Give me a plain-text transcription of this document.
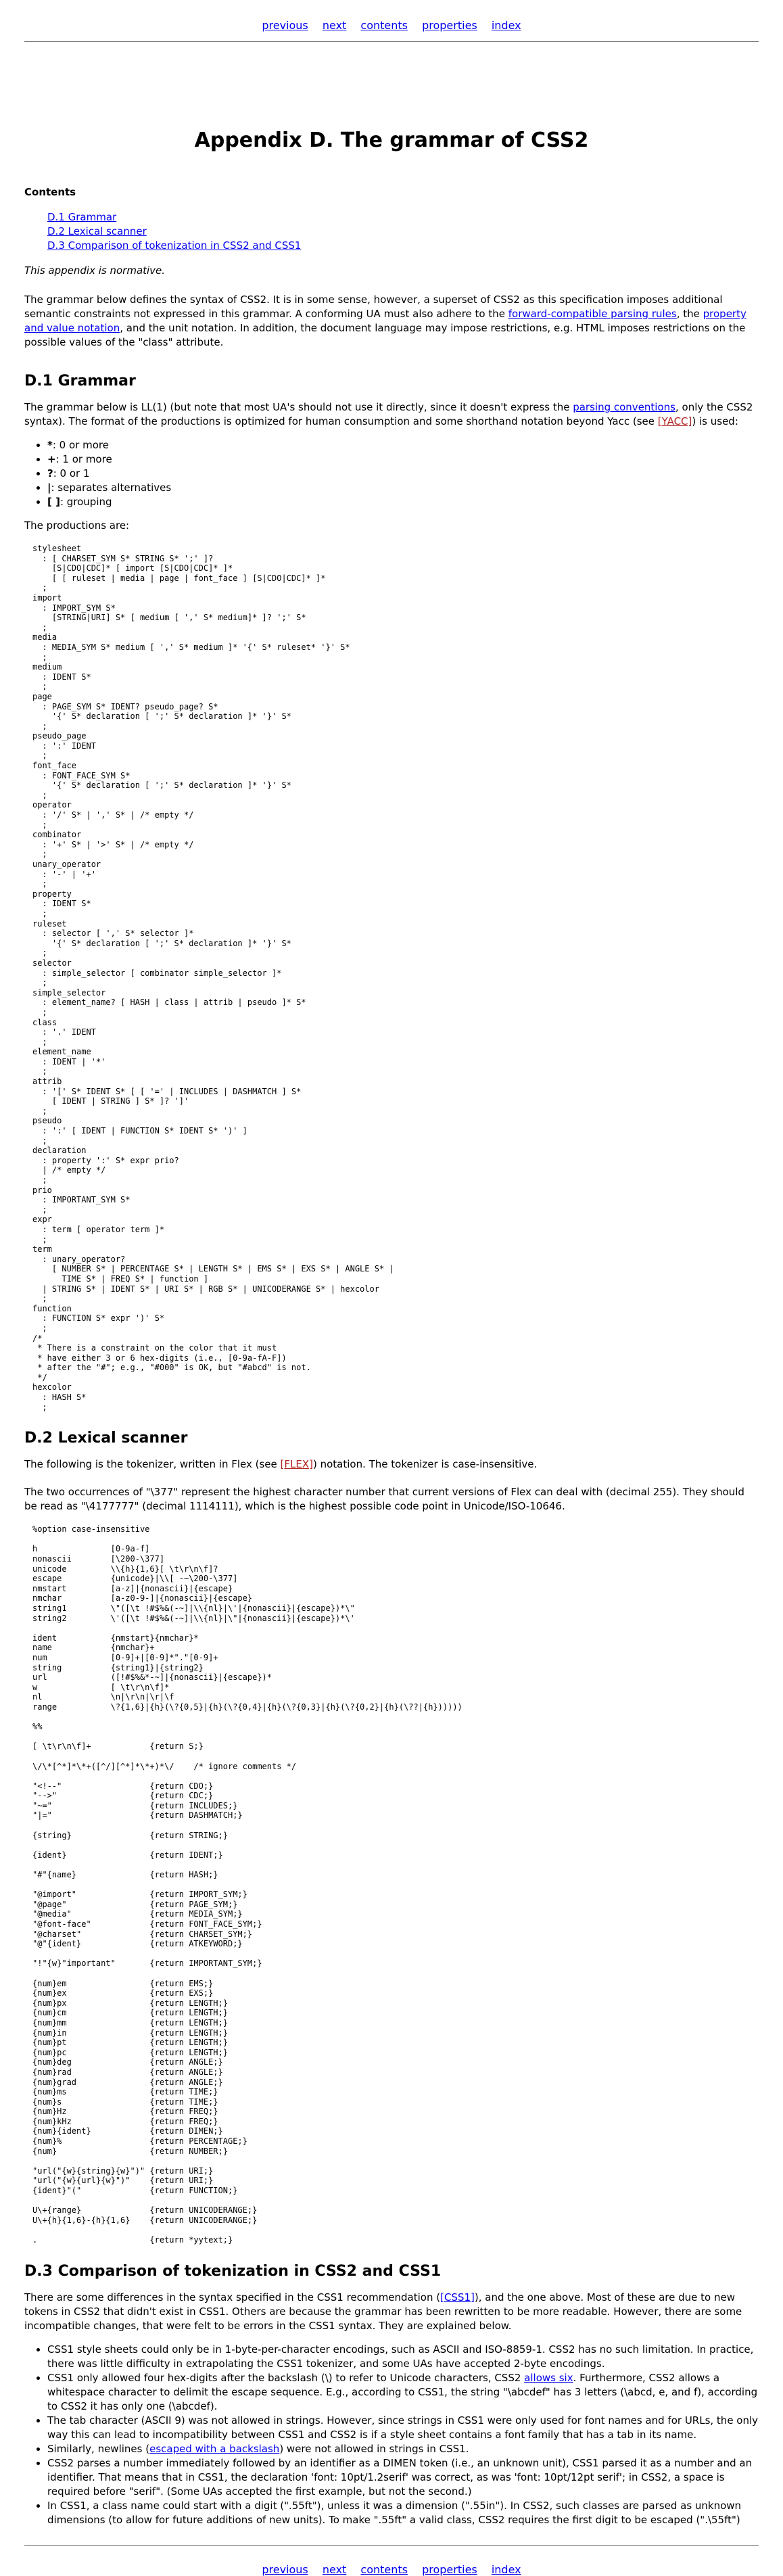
previous next contents properties index
Appendix D. The grammar of CSS2
Contents
D.1 Grammar
D.2 Lexical scanner
D.3 Comparison of tokenization in CSS2 and CSS1

This appendix is normative.

The grammar below defines the syntax of CSS2. It is in some sense, however, a superset of CSS2 as this specification imposes additional semantic constraints not expressed in this grammar. A conforming UA must also adhere to the forward-compatible parsing rules, the property and value notation, and the unit notation. In addition, the document language may impose restrictions, e.g. HTML imposes restrictions on the possible values of the "class" attribute.

D.1 Grammar

The grammar below is LL(1) (but note that most UA's should not use it directly, since it doesn't express the parsing conventions, only the CSS2 syntax). The format of the productions is optimized for human consumption and some shorthand notation beyond Yacc (see [YACC]) is used:

• *: 0 or more
• +: 1 or more
• ?: 0 or 1
• |: separates alternatives
• [ ]: grouping

The productions are:

stylesheet
: [ CHARSET_SYM S* STRING S* ';' ]?
[S|CDO|CDC]* [ import [S|CDO|CDC]* ]*
[ [ ruleset | media | page | font_face ] [S|CDO|CDC]* ]*
;
import
: IMPORT_SYM S*
[STRING|URI] S* [ medium [ ',' S* medium]* ]? ';' S*
;
media
: MEDIA_SYM S* medium [ ',' S* medium ]* '{' S* ruleset* '}' S*
;
medium
: IDENT S*
;
page
: PAGE_SYM S* IDENT? pseudo_page? S*
'{' S* declaration [ ';' S* declaration ]* '}' S*
;
pseudo_page
: ':' IDENT
;
font_face
: FONT_FACE_SYM S*
'{' S* declaration [ ';' S* declaration ]* '}' S*
;
operator
: '/' S* | ',' S* | /* empty */
;
combinator
: '+' S* | '>' S* | /* empty */
;
unary_operator
: '-' | '+'
;
property
: IDENT S*
;
ruleset
: selector [ ',' S* selector ]*
'{' S* declaration [ ';' S* declaration ]* '}' S*
;
selector
: simple_selector [ combinator simple_selector ]*
;
simple_selector
: element_name? [ HASH | class | attrib | pseudo ]* S*
;
class
: '.' IDENT
;
element_name
: IDENT | '*'
;
attrib
: '[' S* IDENT S* [ [ '=' | INCLUDES | DASHMATCH ] S*
[ IDENT | STRING ] S* ]? ']'
;
pseudo
: ':' [ IDENT | FUNCTION S* IDENT S* ')' ]
;
declaration
: property ':' S* expr prio?
| /* empty */
;
prio
: IMPORTANT_SYM S*
;
expr
: term [ operator term ]*
;
term
: unary_operator?
[ NUMBER S* | PERCENTAGE S* | LENGTH S* | EMS S* | EXS S* | ANGLE S* |
TIME S* | FREQ S* | function ]
| STRING S* | IDENT S* | URI S* | RGB S* | UNICODERANGE S* | hexcolor
;
function
: FUNCTION S* expr ')' S*
;
/*
* There is a constraint on the color that it must
* have either 3 or 6 hex-digits (i.e., [0-9a-fA-F])
* after the "#"; e.g., "#000" is OK, but "#abcd" is not.
*/
hexcolor
: HASH S*
;
D.2 Lexical scanner

The following is the tokenizer, written in Flex (see [FLEX]) notation. The tokenizer is case-insensitive.

The two occurrences of "\377" represent the highest character number that current versions of Flex can deal with (decimal 255). They should be read as "\4177777" (decimal 1114111), which is the highest possible code point in Unicode/ISO-10646.

%option case-insensitive

h               [0-9a-f]
nonascii        [\200-\377]
unicode         \\{h}{1,6}[ \t\r\n\f]?
escape          {unicode}|\\[ -~\200-\377]
nmstart         [a-z]|{nonascii}|{escape}
nmchar          [a-z0-9-]|{nonascii}|{escape}
string1         \"([\t !#$%&(-~]|\\{nl}|\'|{nonascii}|{escape})*\"
string2         \'([\t !#$%&(-~]|\\{nl}|\"|{nonascii}|{escape})*\'

ident           {nmstart}{nmchar}*
name            {nmchar}+
num             [0-9]+|[0-9]*"."[0-9]+
string          {string1}|{string2}
url             ([!#$%&*-~]|{nonascii}|{escape})*
w               [ \t\r\n\f]*
nl              \n|\r\n|\r|\f
range           \?{1,6}|{h}(\?{0,5}|{h}(\?{0,4}|{h}(\?{0,3}|{h}(\?{0,2}|{h}(\??|{h})))))

%%

[ \t\r\n\f]+            {return S;}

\/\*[^*]*\*+([^/][^*]*\*+)*\/    /* ignore comments */

"<!--"                  {return CDO;}
"-->"                   {return CDC;}
"~="                    {return INCLUDES;}
"|="                    {return DASHMATCH;}

{string}                {return STRING;}

{ident}                 {return IDENT;}

"#"{name}               {return HASH;}

"@import"               {return IMPORT_SYM;}
"@page"                 {return PAGE_SYM;}
"@media"                {return MEDIA_SYM;}
"@font-face"            {return FONT_FACE_SYM;}
"@charset"              {return CHARSET_SYM;}
"@"{ident}              {return ATKEYWORD;}

"!"{w}"important"       {return IMPORTANT_SYM;}

{num}em                 {return EMS;}
{num}ex                 {return EXS;}
{num}px                 {return LENGTH;}
{num}cm                 {return LENGTH;}
{num}mm                 {return LENGTH;}
{num}in                 {return LENGTH;}
{num}pt                 {return LENGTH;}
{num}pc                 {return LENGTH;}
{num}deg                {return ANGLE;}
{num}rad                {return ANGLE;}
{num}grad               {return ANGLE;}
{num}ms                 {return TIME;}
{num}s                  {return TIME;}
{num}Hz                 {return FREQ;}
{num}kHz                {return FREQ;}
{num}{ident}            {return DIMEN;}
{num}%                  {return PERCENTAGE;}
{num}                   {return NUMBER;}

"url("{w}{string}{w}")" {return URI;}
"url("{w}{url}{w}")"    {return URI;}
{ident}"("              {return FUNCTION;}

U\+{range}              {return UNICODERANGE;}
U\+{h}{1,6}-{h}{1,6}    {return UNICODERANGE;}

.                       {return *yytext;}
D.3 Comparison of tokenization in CSS2 and CSS1

There are some differences in the syntax specified in the CSS1 recommendation ([CSS1]), and the one above. Most of these are due to new tokens in CSS2 that didn't exist in CSS1. Others are because the grammar has been rewritten to be more readable. However, there are some incompatible changes, that were felt to be errors in the CSS1 syntax. They are explained below.

• CSS1 style sheets could only be in 1-byte-per-character encodings, such as ASCII and ISO-8859-1. CSS2 has no such limitation. In practice, there was little difficulty in extrapolating the CSS1 tokenizer, and some UAs have accepted 2-byte encodings.
• CSS1 only allowed four hex-digits after the backslash (\) to refer to Unicode characters, CSS2 allows six. Furthermore, CSS2 allows a whitespace character to delimit the escape sequence. E.g., according to CSS1, the string "\abcdef" has 3 letters (\abcd, e, and f), according to CSS2 it has only one (\abcdef).
• The tab character (ASCII 9) was not allowed in strings. However, since strings in CSS1 were only used for font names and for URLs, the only way this can lead to incompatibility between CSS1 and CSS2 is if a style sheet contains a font family that has a tab in its name.
• Similarly, newlines (escaped with a backslash) were not allowed in strings in CSS1.
• CSS2 parses a number immediately followed by an identifier as a DIMEN token (i.e., an unknown unit), CSS1 parsed it as a number and an identifier. That means that in CSS1, the declaration 'font: 10pt/1.2serif' was correct, as was 'font: 10pt/12pt serif'; in CSS2, a space is required before "serif". (Some UAs accepted the first example, but not the second.)
• In CSS1, a class name could start with a digit (".55ft"), unless it was a dimension (".55in"). In CSS2, such classes are parsed as unknown dimensions (to allow for future additions of new units). To make ".55ft" a valid class, CSS2 requires the first digit to be escaped (".\55ft")
previous next contents properties index
